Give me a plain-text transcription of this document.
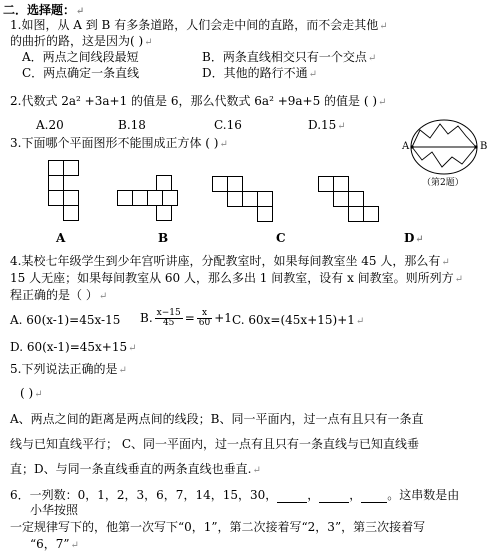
二．选择题：↵
1.如图，从 A 到 B 有多条道路，人们会走中间的直路，而不会走其他↵
的曲折的路，这是因为( )↵
A．两点之间线段最短	B．两条直线相交只有一个交点↵
C．两点确定一条直线	D．其他的路行不通↵
2.代数式 2a² +3a+1 的值是 6，那么代数式 6a² +9a+5 的值是 ( )↵
A.20	B.18	C.16	D.15↵
3.下面哪个平面图形不能围成正方体 ( )↵	A	B
（第2题）
A	B	C	D↵
4.某校七年级学生到少年宫听讲座，分配教室时，如果每间教室坐 45 人，那么有↵
15 人无座；如果每间教室从 60 人，那么多出 1 间教室，设有 x 间教室。则所列方↵
程正确的是（ ）↵
A. 60(x-1)=45x-15 B. $\frac{x-15}{45} = \frac{x}{60} +1$ C. 60x=(45x+15)+1↵
D. 60(x-1)=45x+15↵
5.下列说法正确的是↵
( )↵
A、两点之间的距离是两点间的线段；B、同一平面内，过一点有且只有一条直
线与已知直线平行； C、同一平面内，过一点有且只有一条直线与已知直线垂
直；D、与同一条直线垂直的两条直线也垂直.↵
6．一列数：0，1，2，3，6，7，14，15，30，	，	， 。这串数是由
小华按照
一定规律写下的，他第一次写下“0，1”，第二次接着写“2，3”，第三次接着写
“6，7”↵
